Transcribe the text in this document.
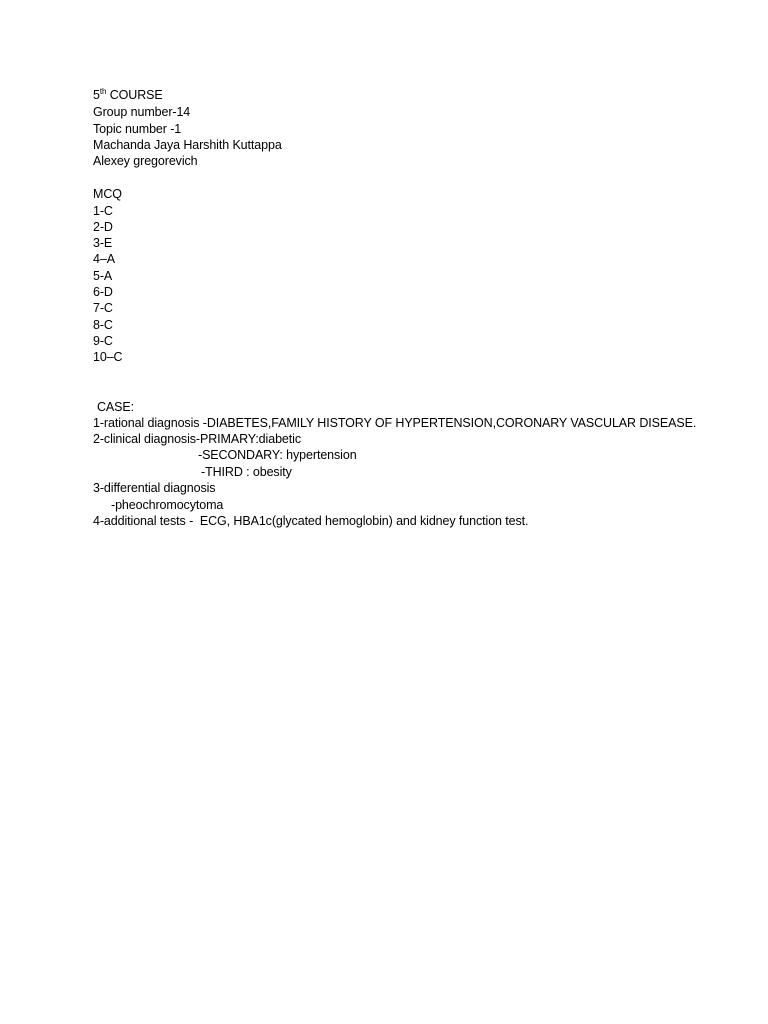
5th COURSE
Group number-14
Topic number -1
Machanda Jaya Harshith Kuttappa
Alexey gregorevich
MCQ
1-C
2-D
3-E
4–A
5-A
6-D
7-C
8-C
9-C
10–C
CASE:
1-rational diagnosis -DIABETES,FAMILY HISTORY OF HYPERTENSION,CORONARY VASCULAR DISEASE.
2-clinical diagnosis-PRIMARY:diabetic
-SECONDARY: hypertension
-THIRD : obesity
3-differential diagnosis
-pheochromocytoma
4-additional tests -  ECG, HBA1c(glycated hemoglobin) and kidney function test.
